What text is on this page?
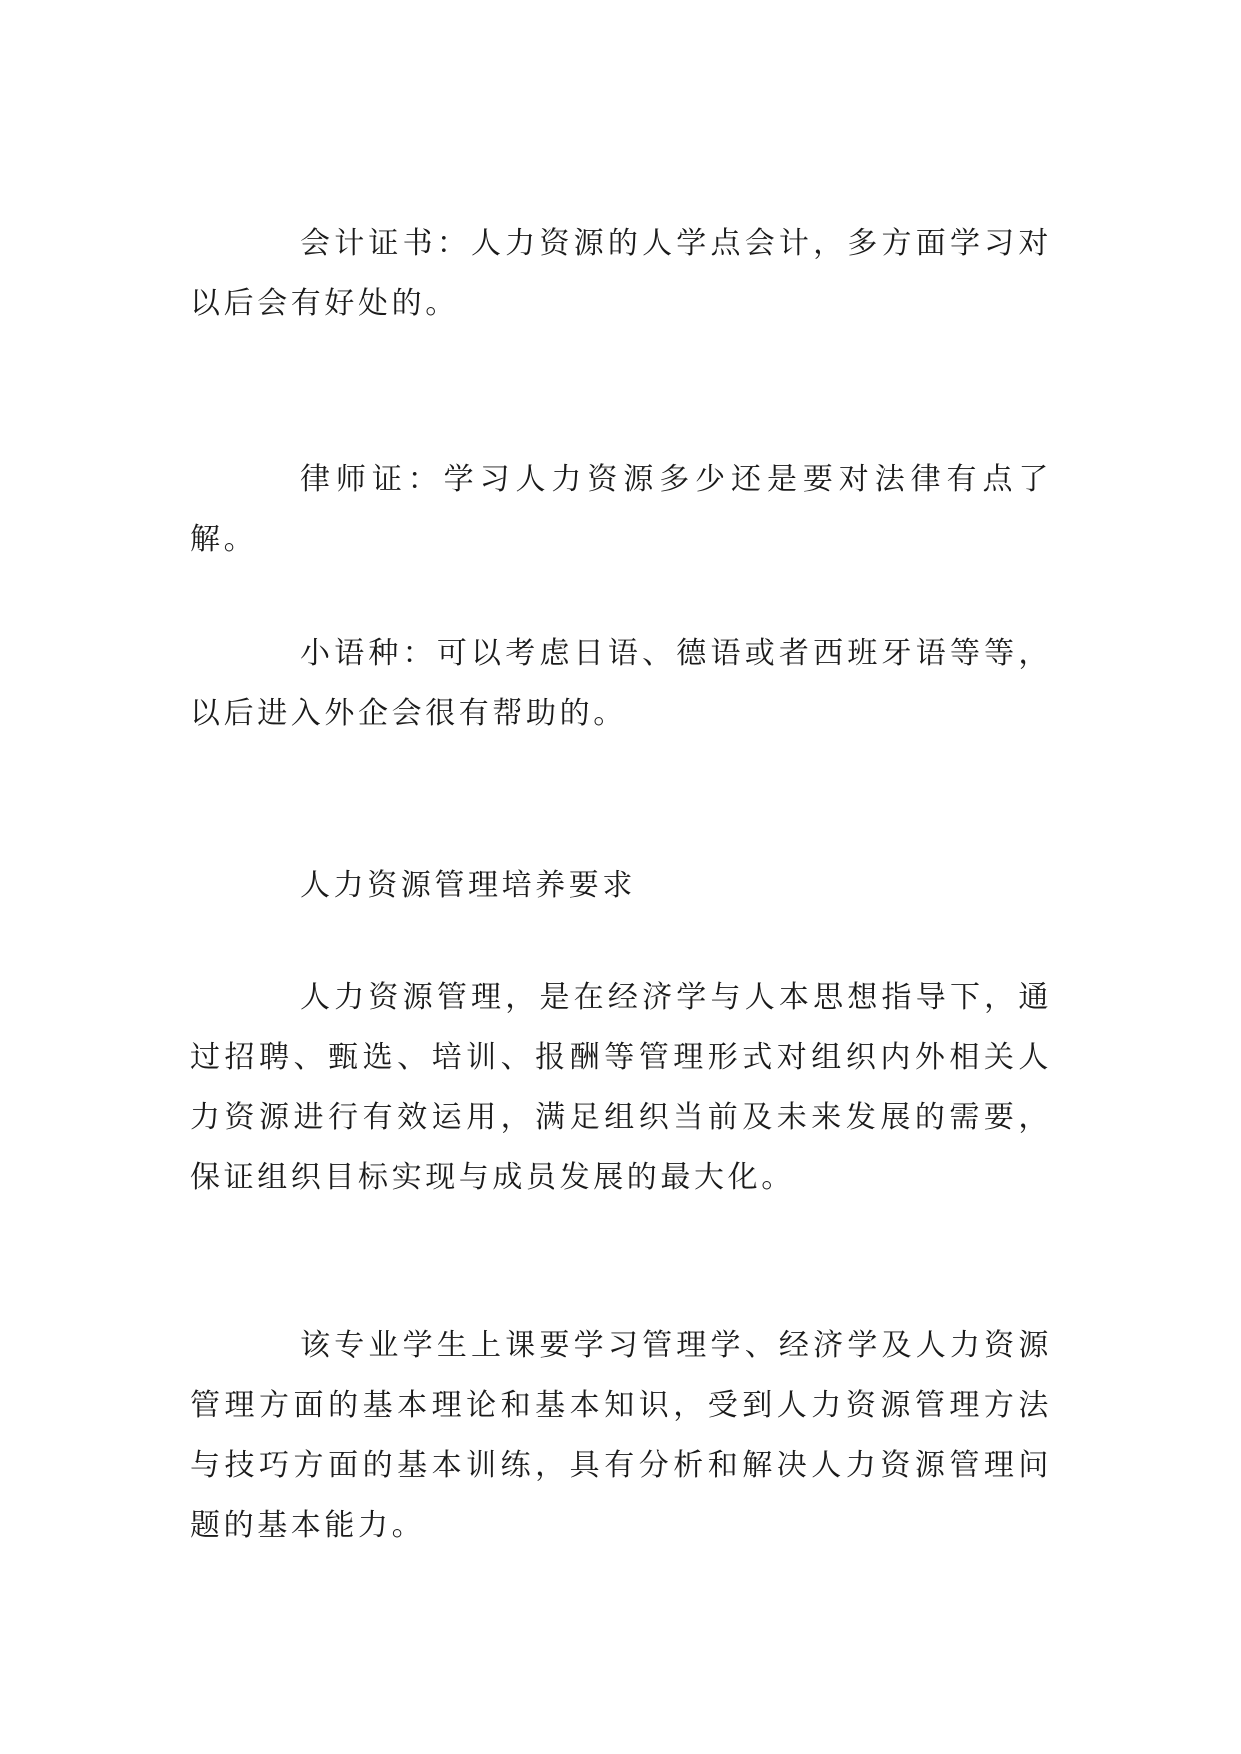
会计证书：人力资源的人学点会计，多方面学习对以后会有好处的。

律师证：学习人力资源多少还是要对法律有点了解。

小语种：可以考虑日语、德语或者西班牙语等等，以后进入外企会很有帮助的。

人力资源管理培养要求

人力资源管理，是在经济学与人本思想指导下，通过招聘、甄选、培训、报酬等管理形式对组织内外相关人力资源进行有效运用，满足组织当前及未来发展的需要，保证组织目标实现与成员发展的最大化。

该专业学生上课要学习管理学、经济学及人力资源管理方面的基本理论和基本知识，受到人力资源管理方法与技巧方面的基本训练，具有分析和解决人力资源管理问题的基本能力。
